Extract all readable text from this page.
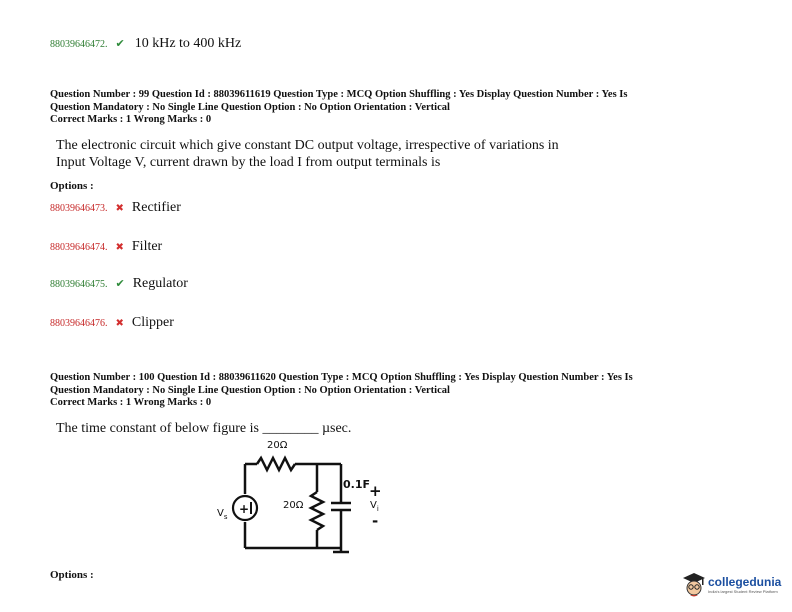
88039646472. ✔ 10 kHz to 400 kHz
Question Number : 99 Question Id : 88039611619 Question Type : MCQ Option Shuffling : Yes Display Question Number : Yes Is
Question Mandatory : No Single Line Question Option : No Option Orientation : Vertical
Correct Marks : 1 Wrong Marks : 0
The electronic circuit which give constant DC output voltage, irrespective of variations in
Input Voltage V, current drawn by the load I from output terminals is
Options :
88039646473. ✖ Rectifier
88039646474. ✖ Filter
88039646475. ✔ Regulator
88039646476. ✖ Clipper
Question Number : 100 Question Id : 88039611620 Question Type : MCQ Option Shuffling : Yes Display Question Number : Yes Is
Question Mandatory : No Single Line Question Option : No Option Orientation : Vertical
Correct Marks : 1 Wrong Marks : 0
The time constant of below figure is ________ µsec.
+
20Ω
20Ω
0.1F
+
-
$V_s$
$V_i$
Options :	collegedunia
India's largest Student Review Platform
